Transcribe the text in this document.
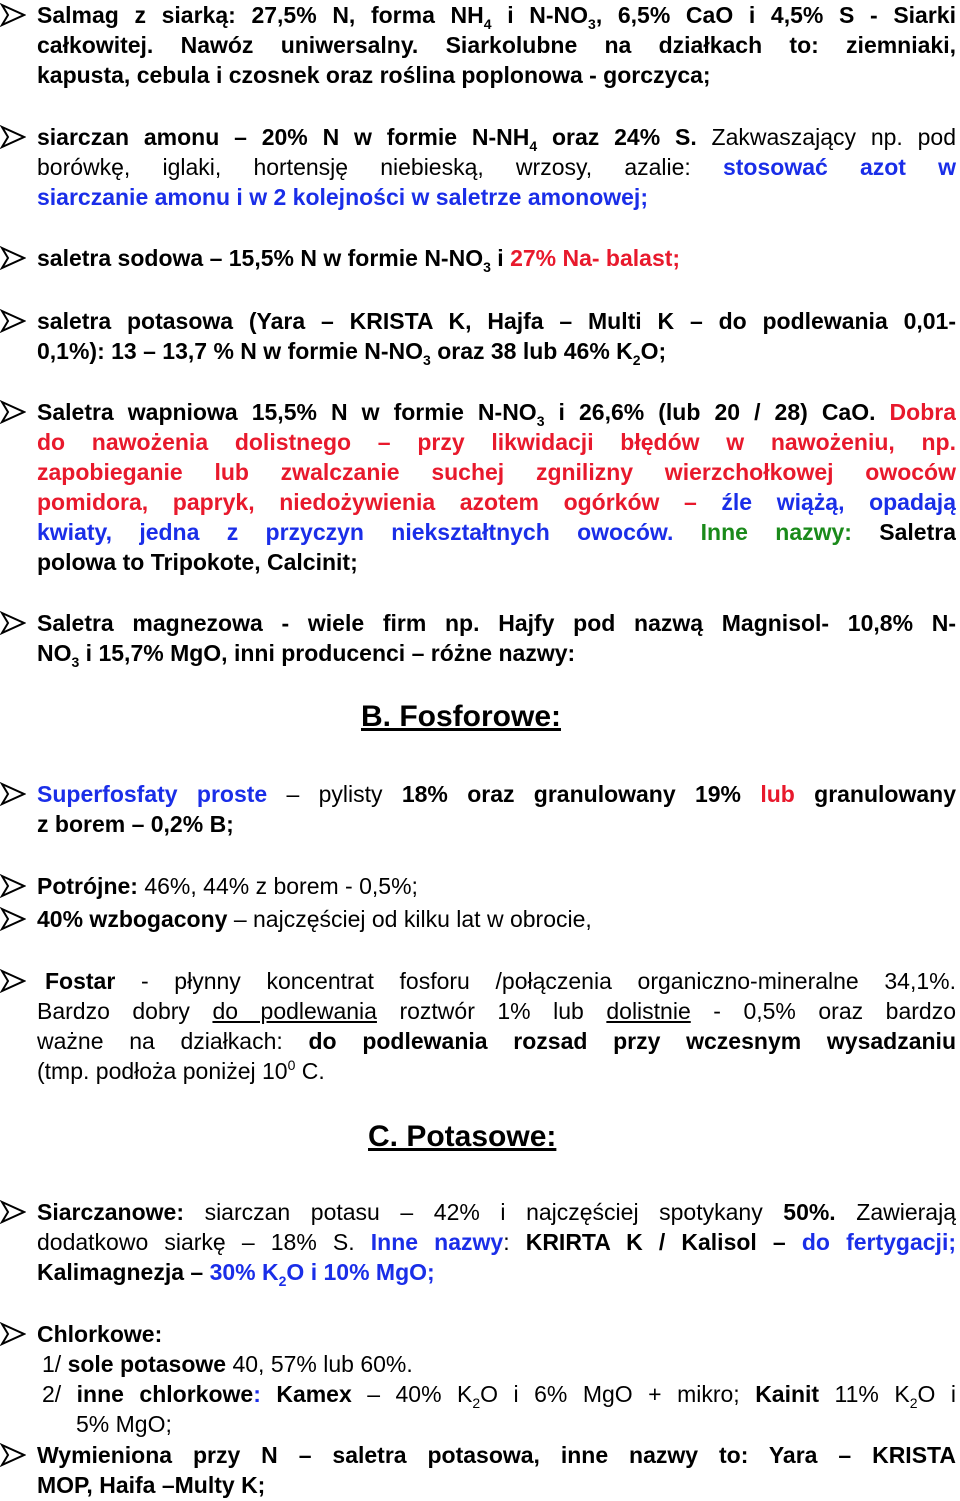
Salmag z siarką: 27,5% N, forma $NH_4$ i $N-NO_3$, 6,5% CaO i 4,5% S - Siarki
całkowitej. Nawóz uniwersalny. Siarkolubne na działkach to: ziemniaki,
kapusta, cebula i czosnek oraz roślina poplonowa - gorczyca;
siarczan amonu – 20% N w formie $N-NH_4$ oraz 24% S. Zakwaszający np. pod
borówkę, iglaki, hortensję niebieską, wrzosy, azalie: stosować azot w
siarczanie amonu i w 2 kolejności w saletrze amonowej;
saletra sodowa – 15,5% N w formie $N-NO_3$ i 27% Na- balast;
saletra potasowa (Yara – KRISTA K, Hajfa – Multi K – do podlewania 0,01-
0,1%): 13 – 13,7 % N w formie $N-NO_3$ oraz 38 lub 46% $K_2O$;
Saletra wapniowa 15,5% N w formie $N-NO_3$ i 26,6% (lub 20 / 28) CaO. Dobra
do nawożenia dolistnego – przy likwidacji błędów w nawożeniu, np.
zapobieganie lub zwalczanie suchej zgnilizny wierzchołkowej owoców
pomidora, papryk, niedożywienia azotem ogórków – źle wiążą, opadają
kwiaty, jedna z przyczyn niekształtnych owoców. Inne nazwy: Saletra
polowa to Tripokote, Calcinit;
Saletra magnezowa - wiele firm np. Hajfy pod nazwą Magnisol- 10,8% N-
$NO_3$ i 15,7% MgO, inni producenci – różne nazwy:
B. Fosforowe:
Superfosfaty proste – pylisty 18% oraz granulowany 19% lub granulowany
z borem – 0,2% B;
Potrójne: 46%, 44% z borem - 0,5%;
40% wzbogacony – najczęściej od kilku lat w obrocie,
Fostar - płynny koncentrat fosforu /połączenia organiczno-mineralne 34,1%.
Bardzo dobry do podlewania roztwór 1% lub dolistnie - 0,5% oraz bardzo
ważne na działkach: do podlewania rozsad przy wczesnym wysadzaniu
(tmp. podłoża poniżej $10^0$ C.
C. Potasowe:
Siarczanowe: siarczan potasu – 42% i najczęściej spotykany 50%. Zawierają
dodatkowo siarkę – 18% S. Inne nazwy: KRIRTA K / Kalisol – do fertygacji;
Kalimagnezja – 30% $K_2O$ i 10% MgO;
Chlorkowe:
1/ sole potasowe 40, 57% lub 60%.
2/ inne chlorkowe: Kamex – 40% $K_2O$ i 6% MgO + mikro; Kainit 11% $K_2O$ i
5% MgO;
Wymieniona przy N – saletra potasowa, inne nazwy to: Yara – KRISTA
MOP, Haifa –Multy K;
